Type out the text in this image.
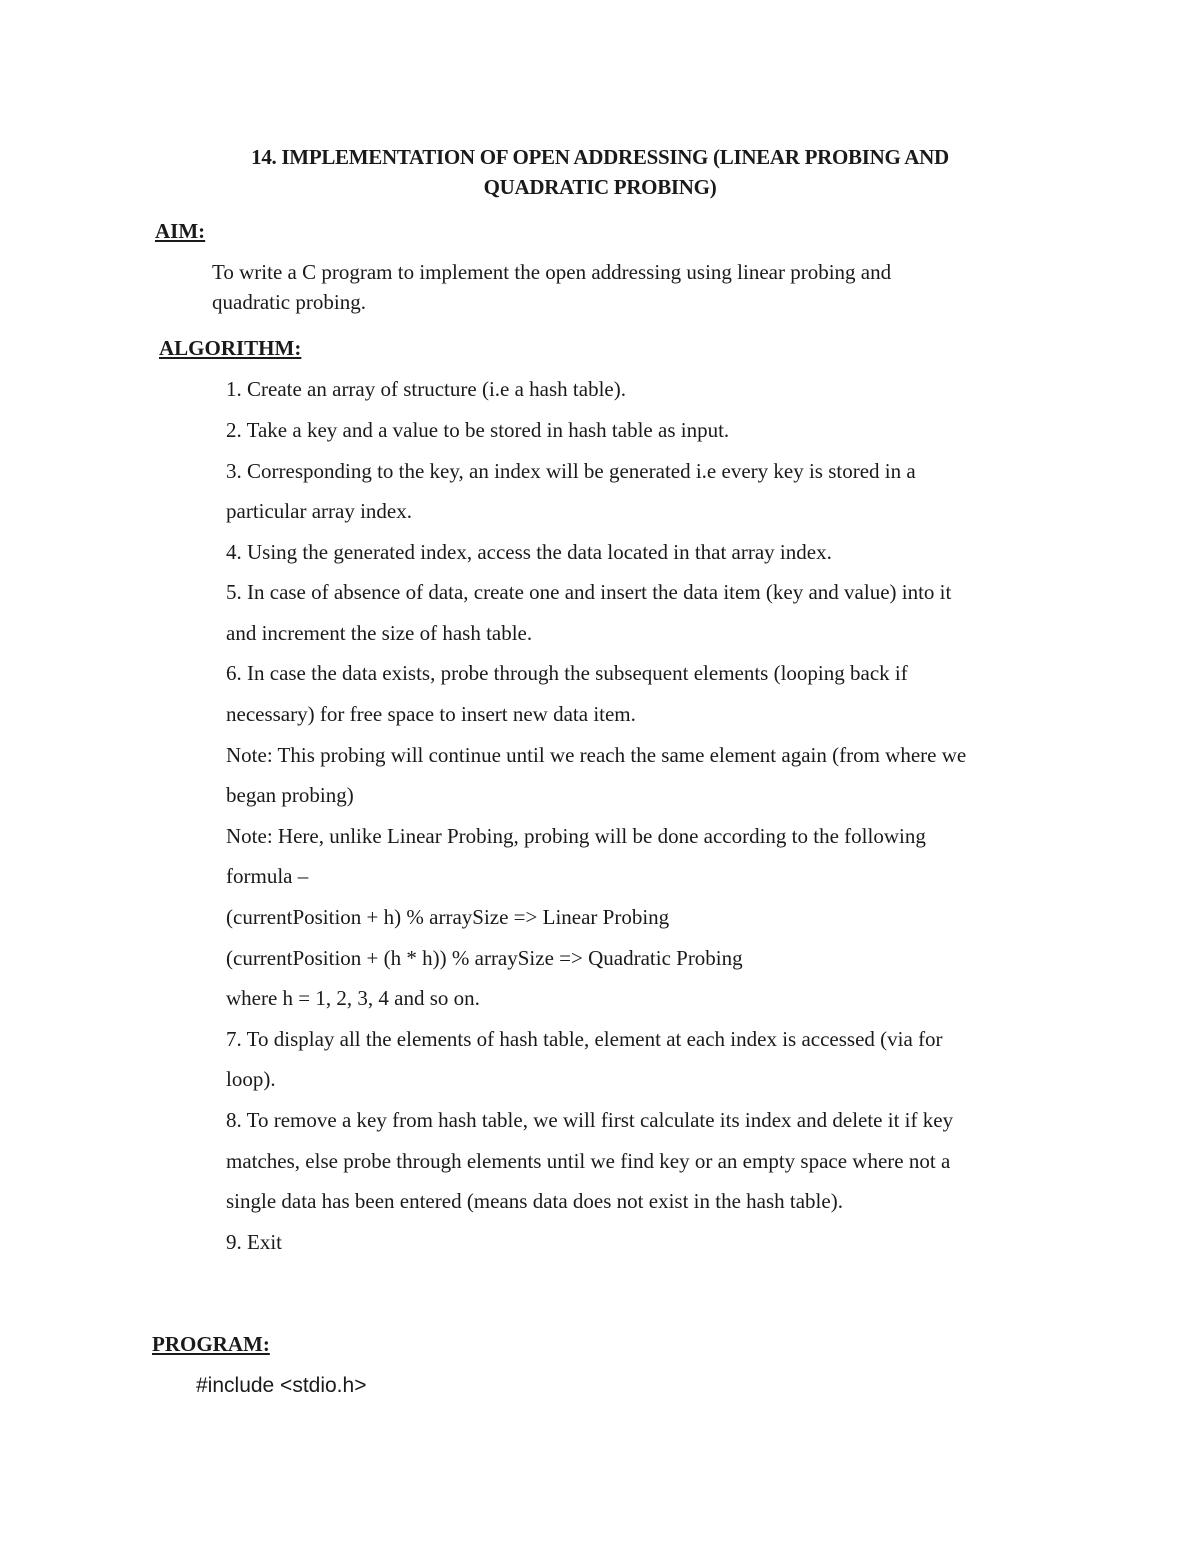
14. IMPLEMENTATION OF OPEN ADDRESSING (LINEAR PROBING AND
QUADRATIC PROBING)
AIM:
To write a C program to implement the open addressing using linear probing and
quadratic probing.
ALGORITHM:
1. Create an array of structure (i.e a hash table).
2. Take a key and a value to be stored in hash table as input.
3. Corresponding to the key, an index will be generated i.e every key is stored in a
particular array index.
4. Using the generated index, access the data located in that array index.
5. In case of absence of data, create one and insert the data item (key and value) into it
and increment the size of hash table.
6. In case the data exists, probe through the subsequent elements (looping back if
necessary) for free space to insert new data item.
Note: This probing will continue until we reach the same element again (from where we
began probing)
Note: Here, unlike Linear Probing, probing will be done according to the following
formula –
(currentPosition + h) % arraySize => Linear Probing
(currentPosition + (h * h)) % arraySize => Quadratic Probing
where h = 1, 2, 3, 4 and so on.
7. To display all the elements of hash table, element at each index is accessed (via for
loop).
8. To remove a key from hash table, we will first calculate its index and delete it if key
matches, else probe through elements until we find key or an empty space where not a
single data has been entered (means data does not exist in the hash table).
9. Exit
PROGRAM:
#include <stdio.h>
